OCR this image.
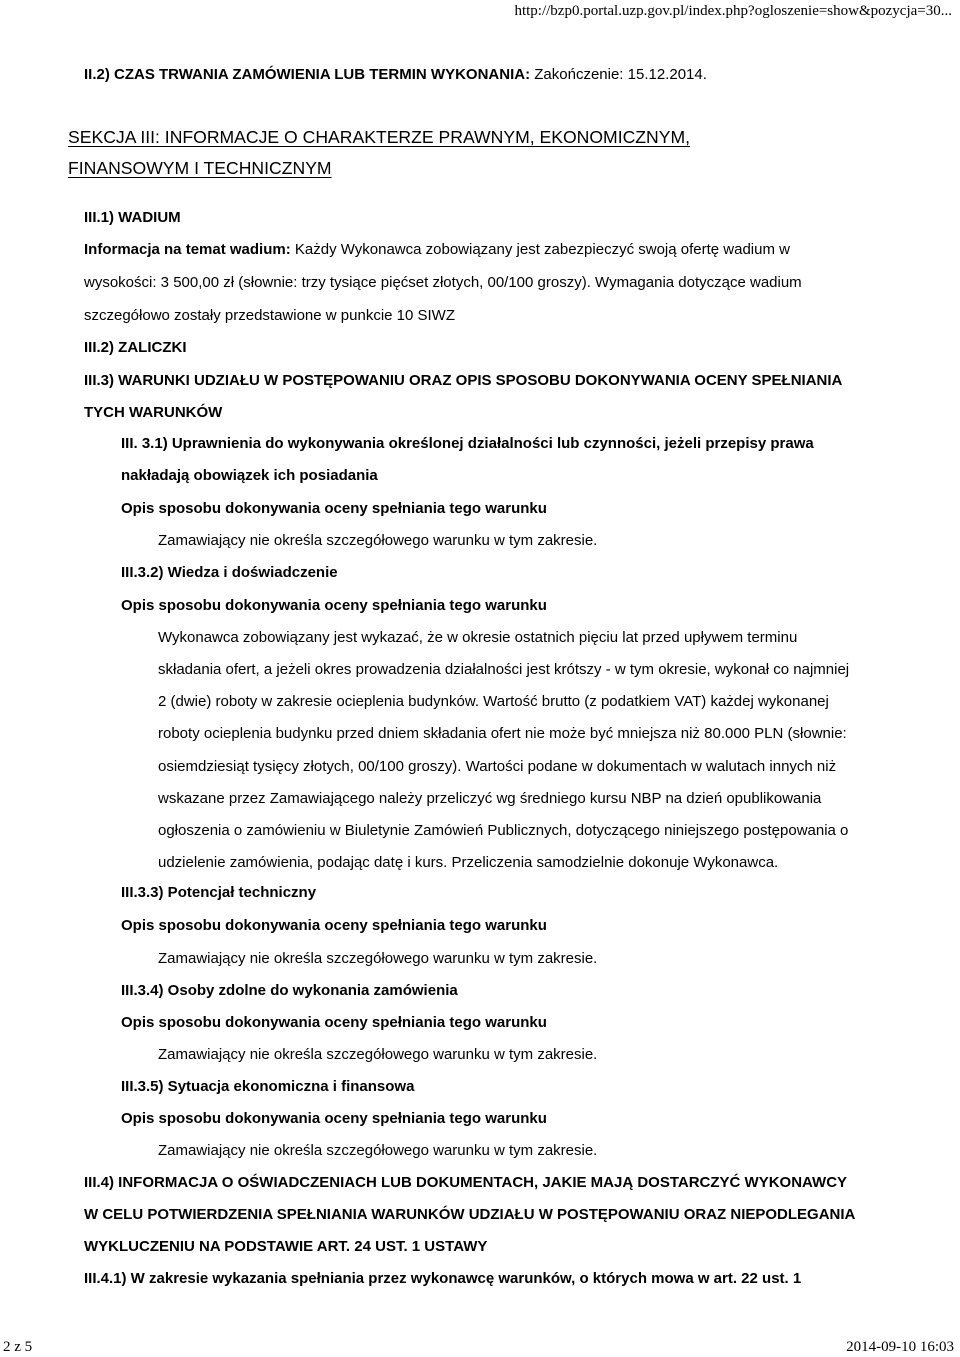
http://bzp0.portal.uzp.gov.pl/index.php?ogloszenie=show&pozycja=30...
II.2) CZAS TRWANIA ZAMÓWIENIA LUB TERMIN WYKONANIA: Zakończenie: 15.12.2014.
SEKCJA III: INFORMACJE O CHARAKTERZE PRAWNYM, EKONOMICZNYM,
FINANSOWYM I TECHNICZNYM
III.1) WADIUM
Informacja na temat wadium: Każdy Wykonawca zobowiązany jest zabezpieczyć swoją ofertę wadium w
wysokości: 3 500,00 zł (słownie: trzy tysiące pięćset złotych, 00/100 groszy). Wymagania dotyczące wadium
szczegółowo zostały przedstawione w punkcie 10 SIWZ
III.2) ZALICZKI
III.3) WARUNKI UDZIAŁU W POSTĘPOWANIU ORAZ OPIS SPOSOBU DOKONYWANIA OCENY SPEŁNIANIA
TYCH WARUNKÓW
III. 3.1) Uprawnienia do wykonywania określonej działalności lub czynności, jeżeli przepisy prawa
nakładają obowiązek ich posiadania
Opis sposobu dokonywania oceny spełniania tego warunku
Zamawiający nie określa szczegółowego warunku w tym zakresie.
III.3.2) Wiedza i doświadczenie
Opis sposobu dokonywania oceny spełniania tego warunku
Wykonawca zobowiązany jest wykazać, że w okresie ostatnich pięciu lat przed upływem terminu
składania ofert, a jeżeli okres prowadzenia działalności jest krótszy - w tym okresie, wykonał co najmniej
2 (dwie) roboty w zakresie ocieplenia budynków. Wartość brutto (z podatkiem VAT) każdej wykonanej
roboty ocieplenia budynku przed dniem składania ofert nie może być mniejsza niż 80.000 PLN (słownie:
osiemdziesiąt tysięcy złotych, 00/100 groszy). Wartości podane w dokumentach w walutach innych niż
wskazane przez Zamawiającego należy przeliczyć wg średniego kursu NBP na dzień opublikowania
ogłoszenia o zamówieniu w Biuletynie Zamówień Publicznych, dotyczącego niniejszego postępowania o
udzielenie zamówienia, podając datę i kurs. Przeliczenia samodzielnie dokonuje Wykonawca.
III.3.3) Potencjał techniczny
Opis sposobu dokonywania oceny spełniania tego warunku
Zamawiający nie określa szczegółowego warunku w tym zakresie.
III.3.4) Osoby zdolne do wykonania zamówienia
Opis sposobu dokonywania oceny spełniania tego warunku
Zamawiający nie określa szczegółowego warunku w tym zakresie.
III.3.5) Sytuacja ekonomiczna i finansowa
Opis sposobu dokonywania oceny spełniania tego warunku
Zamawiający nie określa szczegółowego warunku w tym zakresie.
III.4) INFORMACJA O OŚWIADCZENIACH LUB DOKUMENTACH, JAKIE MAJĄ DOSTARCZYĆ WYKONAWCY
W CELU POTWIERDZENIA SPEŁNIANIA WARUNKÓW UDZIAŁU W POSTĘPOWANIU ORAZ NIEPODLEGANIA
WYKLUCZENIU NA PODSTAWIE ART. 24 UST. 1 USTAWY
III.4.1) W zakresie wykazania spełniania przez wykonawcę warunków, o których mowa w art. 22 ust. 1
2 z 5	2014-09-10 16:03
